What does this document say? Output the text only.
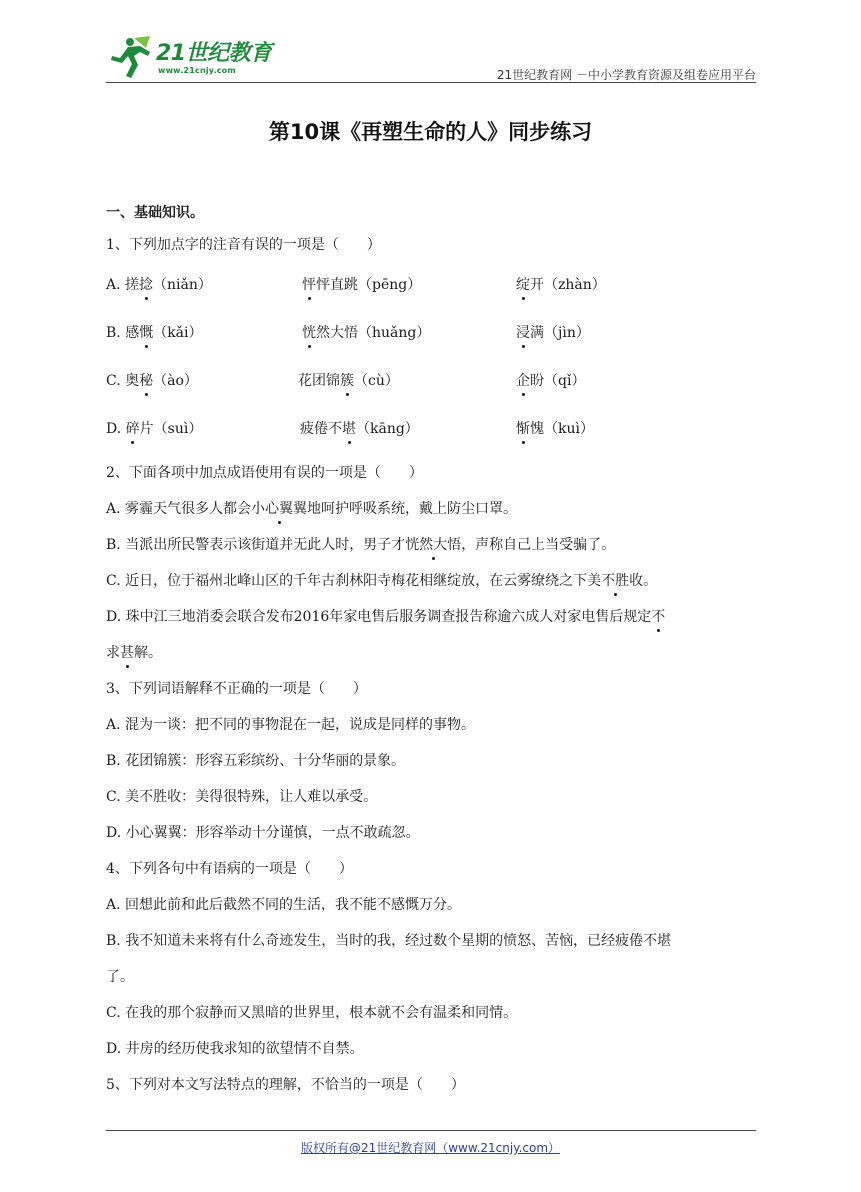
21世纪教育
www.21cnjy.com	21世纪教育网 －中小学教育资源及组卷应用平台
第10课《再塑生命的人》同步练习
一、基础知识。
1、下列加点字的注音有误的一项是（　　）
A. 搓捻（niǎn）	怦怦直跳（pēng）	绽开（zhàn）
B. 感慨（kǎi）	恍然大悟（huǎng）	浸满（jìn）
C. 奥秘（ào）	花团锦簇（cù）	企盼（qǐ）
D. 碎片（suì）	疲倦不堪（kāng）	惭愧（kuì）
2、下面各项中加点成语使用有误的一项是（　　）
A. 雾霾天气很多人都会小心翼翼地呵护呼吸系统，戴上防尘口罩。
B. 当派出所民警表示该街道并无此人时，男子才恍然大悟，声称自己上当受骗了。
C. 近日，位于福州北峰山区的千年古刹林阳寺梅花相继绽放，在云雾缭绕之下美不胜收。
D. 珠中江三地消委会联合发布2016年家电售后服务调查报告称逾六成人对家电售后规定不
求甚解。
3、下列词语解释不正确的一项是（　　）
A. 混为一谈：把不同的事物混在一起，说成是同样的事物。
B. 花团锦簇：形容五彩缤纷、十分华丽的景象。
C. 美不胜收：美得很特殊，让人难以承受。
D. 小心翼翼：形容举动十分谨慎，一点不敢疏忽。
4、下列各句中有语病的一项是（　　）
A. 回想此前和此后截然不同的生活，我不能不感慨万分。
B. 我不知道未来将有什么奇迹发生，当时的我，经过数个星期的愤怒、苦恼，已经疲倦不堪
了。
C. 在我的那个寂静而又黑暗的世界里，根本就不会有温柔和同情。
D. 井房的经历使我求知的欲望情不自禁。
5、下列对本文写法特点的理解，不恰当的一项是（　　）
版权所有@21世纪教育网（www.21cnjy.com）
